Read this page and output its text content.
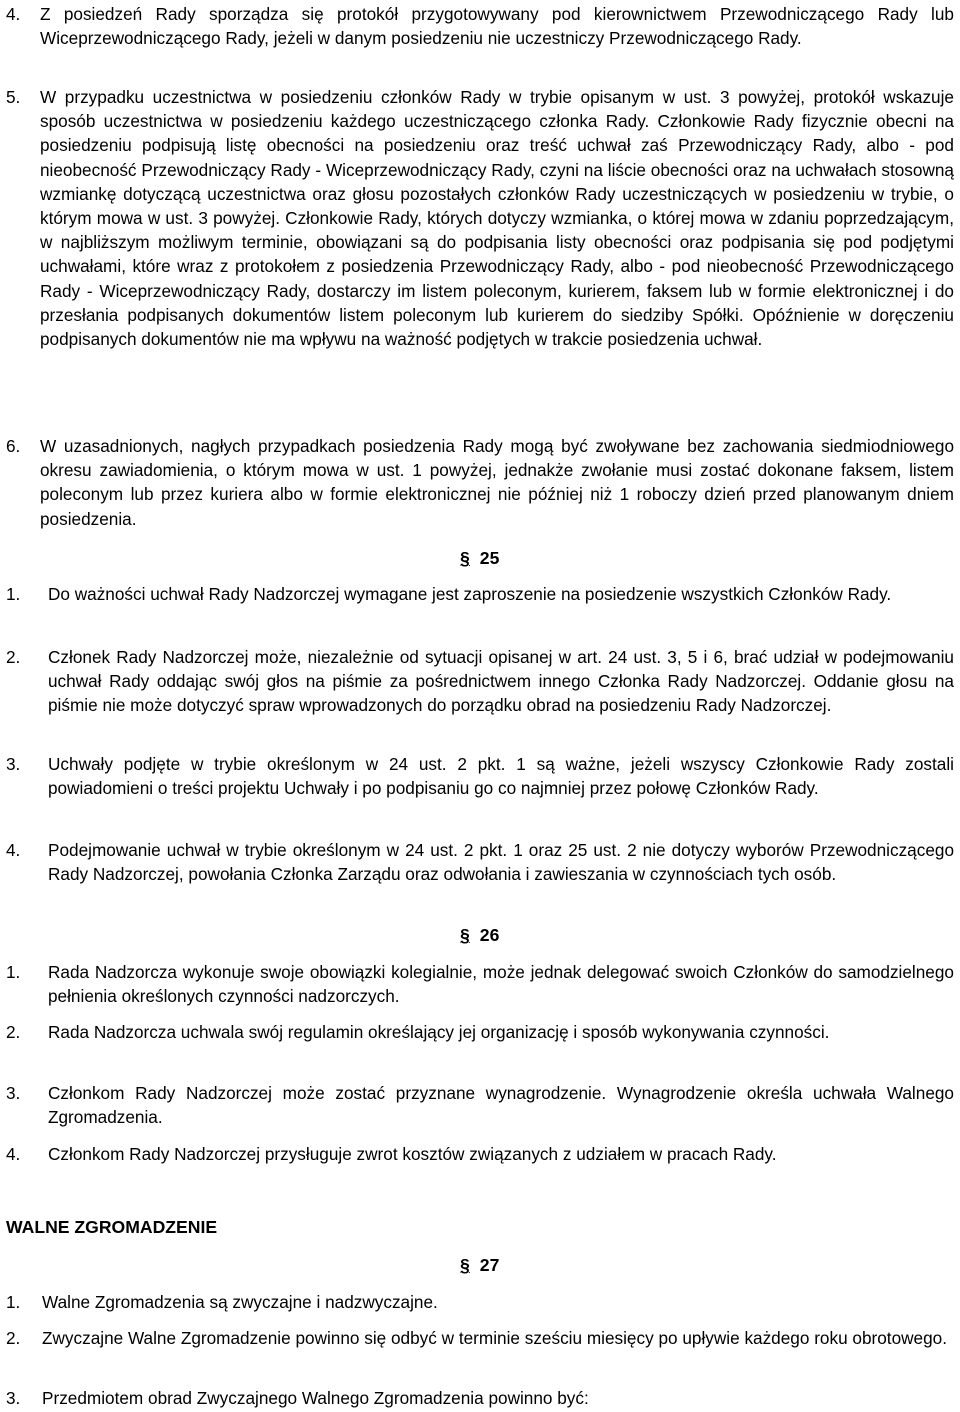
4. Z posiedzeń Rady sporządza się protokół przygotowywany pod kierownictwem Przewodniczącego Rady lub Wiceprzewodniczącego Rady, jeżeli w danym posiedzeniu nie uczestniczy Przewodniczącego Rady.
5. W przypadku uczestnictwa w posiedzeniu członków Rady w trybie opisanym w ust. 3 powyżej, protokół wskazuje sposób uczestnictwa w posiedzeniu każdego uczestniczącego członka Rady. Członkowie Rady fizycznie obecni na posiedzeniu podpisują listę obecności na posiedzeniu oraz treść uchwał zaś Przewodniczący Rady, albo - pod nieobecność Przewodniczący Rady - Wiceprzewodniczący Rady, czyni na liście obecności oraz na uchwałach stosowną wzmiankę dotyczącą uczestnictwa oraz głosu pozostałych członków Rady uczestniczących w posiedzeniu w trybie, o którym mowa w ust. 3 powyżej. Członkowie Rady, których dotyczy wzmianka, o której mowa w zdaniu poprzedzającym, w najbliższym możliwym terminie, obowiązani są do podpisania listy obecności oraz podpisania się pod podjętymi uchwałami, które wraz z protokołem z posiedzenia Przewodniczący Rady, albo - pod nieobecność Przewodniczącego Rady - Wiceprzewodniczący Rady, dostarczy im listem poleconym, kurierem, faksem lub w formie elektronicznej i do przesłania podpisanych dokumentów listem poleconym lub kurierem do siedziby Spółki. Opóźnienie w doręczeniu podpisanych dokumentów nie ma wpływu na ważność podjętych w trakcie posiedzenia uchwał.
6. W uzasadnionych, nagłych przypadkach posiedzenia Rady mogą być zwoływane bez zachowania siedmiodniowego okresu zawiadomienia, o którym mowa w ust. 1 powyżej, jednakże zwołanie musi zostać dokonane faksem, listem poleconym lub przez kuriera albo w formie elektronicznej nie później niż 1 roboczy dzień przed planowanym dniem posiedzenia.
§ 25
1. Do ważności uchwał Rady Nadzorczej wymagane jest zaproszenie na posiedzenie wszystkich Członków Rady.
2. Członek Rady Nadzorczej może, niezależnie od sytuacji opisanej w art. 24 ust. 3, 5 i 6, brać udział w podejmowaniu uchwał Rady oddając swój głos na piśmie za pośrednictwem innego Członka Rady Nadzorczej. Oddanie głosu na piśmie nie może dotyczyć spraw wprowadzonych do porządku obrad na posiedzeniu Rady Nadzorczej.
3. Uchwały podjęte w trybie określonym w 24 ust. 2 pkt. 1 są ważne, jeżeli wszyscy Członkowie Rady zostali powiadomieni o treści projektu Uchwały i po podpisaniu go co najmniej przez połowę Członków Rady.
4. Podejmowanie uchwał w trybie określonym w 24 ust. 2 pkt. 1 oraz 25 ust. 2 nie dotyczy wyborów Przewodniczącego Rady Nadzorczej, powołania Członka Zarządu oraz odwołania i zawieszania w czynnościach tych osób.
§ 26
1. Rada Nadzorcza wykonuje swoje obowiązki kolegialnie, może jednak delegować swoich Członków do samodzielnego pełnienia określonych czynności nadzorczych.
2. Rada Nadzorcza uchwala swój regulamin określający jej organizację i sposób wykonywania czynności.
3. Członkom Rady Nadzorczej może zostać przyznane wynagrodzenie. Wynagrodzenie określa uchwała Walnego Zgromadzenia.
4. Członkom Rady Nadzorczej przysługuje zwrot kosztów związanych z udziałem w pracach Rady.
WALNE ZGROMADZENIE
§ 27
1. Walne Zgromadzenia są zwyczajne i nadzwyczajne.
2. Zwyczajne Walne Zgromadzenie powinno się odbyć w terminie sześciu miesięcy po upływie każdego roku obrotowego.
3. Przedmiotem obrad Zwyczajnego Walnego Zgromadzenia powinno być:
